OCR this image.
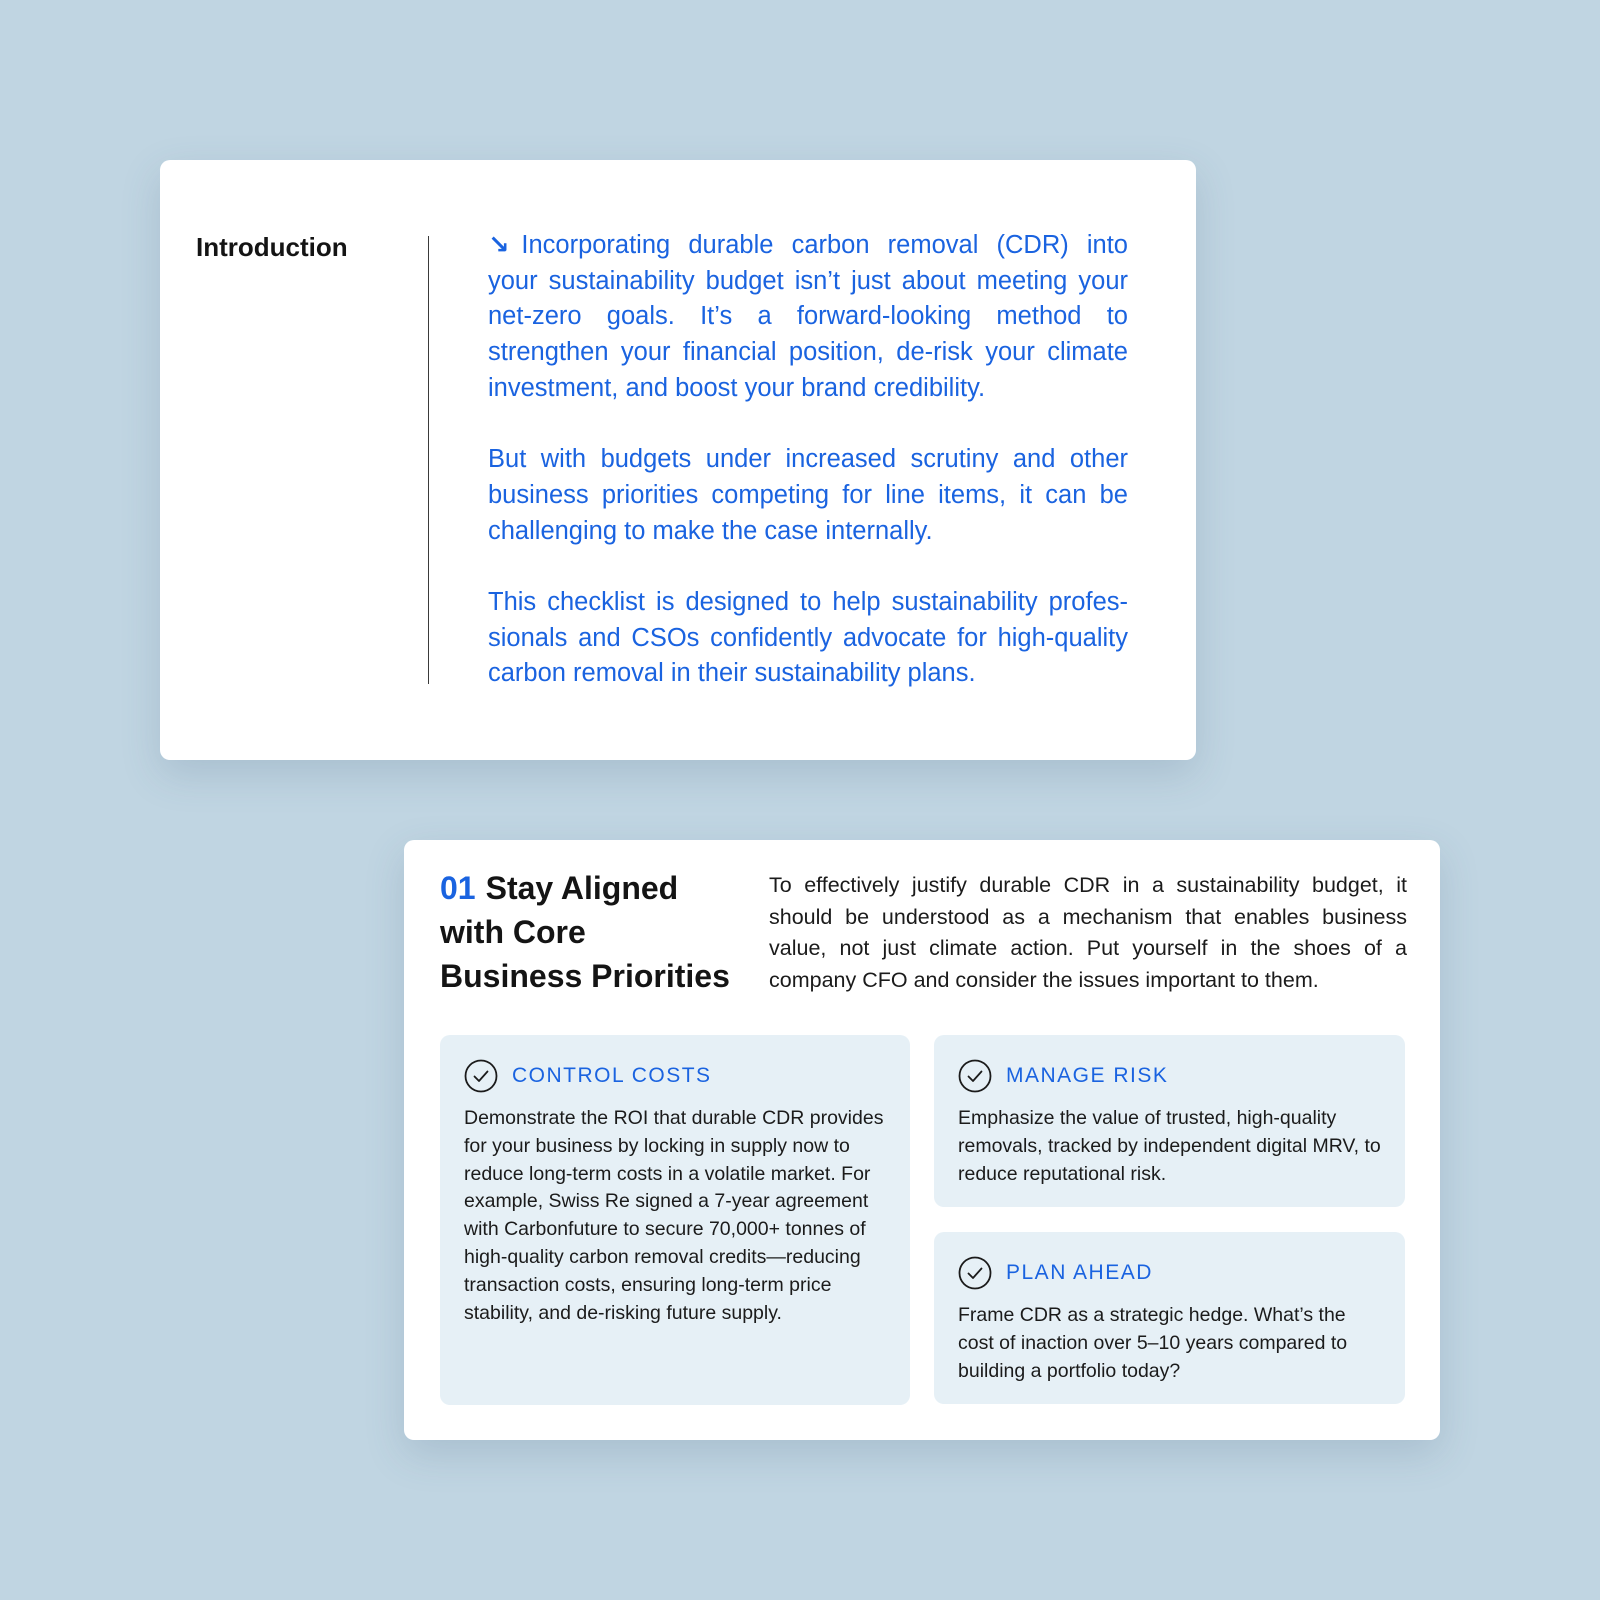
Introduction	↘ Incorporating durable carbon removal (CDR) into your sustainability budget isn’t just about meeting your net-zero goals. It’s a forward-looking method to strengthen your financial position, de-risk your climate investment, and boost your brand credibility.

But with budgets under increased scrutiny and other business priorities competing for line items, it can be challenging to make the case internally.

This checklist is designed to help sustainability professionals and CSOs confidently advocate for high-quality carbon removal in their sustainability plans.

01 Stay Aligned with Core Business Priorities

To effectively justify durable CDR in a sustainability budget, it should be understood as a mechanism that enables business value, not just climate action. Put yourself in the shoes of a company CFO and consider the issues important to them.

CONTROL COSTS

Demonstrate the ROI that durable CDR provides for your business by locking in supply now to reduce long-term costs in a volatile market. For example, Swiss Re signed a 7-year agreement with Carbonfuture to secure 70,000+ tonnes of high-quality carbon removal credits—reducing transaction costs, ensuring long-term price stability, and de-risking future supply.

MANAGE RISK

Emphasize the value of trusted, high-quality removals, tracked by independent digital MRV, to reduce reputational risk.

PLAN AHEAD

Frame CDR as a strategic hedge. What’s the cost of inaction over 5–10 years compared to building a portfolio today?
